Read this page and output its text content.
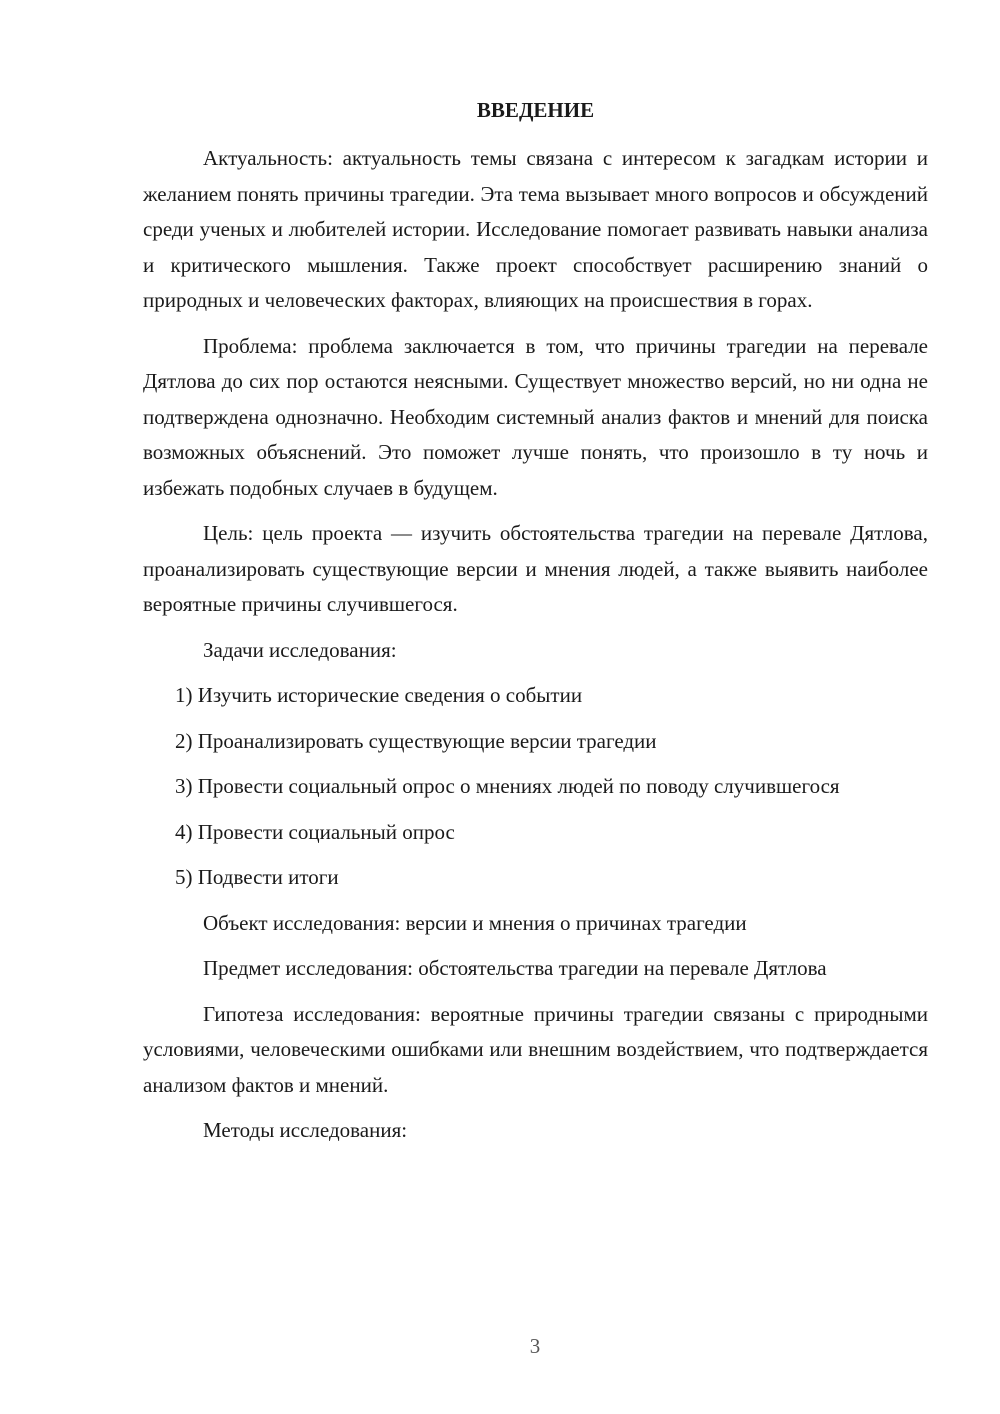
ВВЕДЕНИЕ

Актуальность: актуальность темы связана с интересом к загадкам истории и желанием понять причины трагедии. Эта тема вызывает много вопросов и обсуждений среди ученых и любителей истории. Исследование помогает развивать навыки анализа и критического мышления. Также проект способствует расширению знаний о природных и человеческих факторах, влияющих на происшествия в горах.

Проблема: проблема заключается в том, что причины трагедии на перевале Дятлова до сих пор остаются неясными. Существует множество версий, но ни одна не подтверждена однозначно. Необходим системный анализ фактов и мнений для поиска возможных объяснений. Это поможет лучше понять, что произошло в ту ночь и избежать подобных случаев в будущем.

Цель: цель проекта — изучить обстоятельства трагедии на перевале Дятлова, проанализировать существующие версии и мнения людей, а также выявить наиболее вероятные причины случившегося.

Задачи исследования:

1) Изучить исторические сведения о событии

2) Проанализировать существующие версии трагедии

3) Провести социальный опрос о мнениях людей по поводу случившегося

4) Провести социальный опрос

5) Подвести итоги

Объект исследования: версии и мнения о причинах трагедии

Предмет исследования: обстоятельства трагедии на перевале Дятлова

Гипотеза исследования: вероятные причины трагедии связаны с природными условиями, человеческими ошибками или внешним воздействием, что подтверждается анализом фактов и мнений.

Методы исследования:

3
